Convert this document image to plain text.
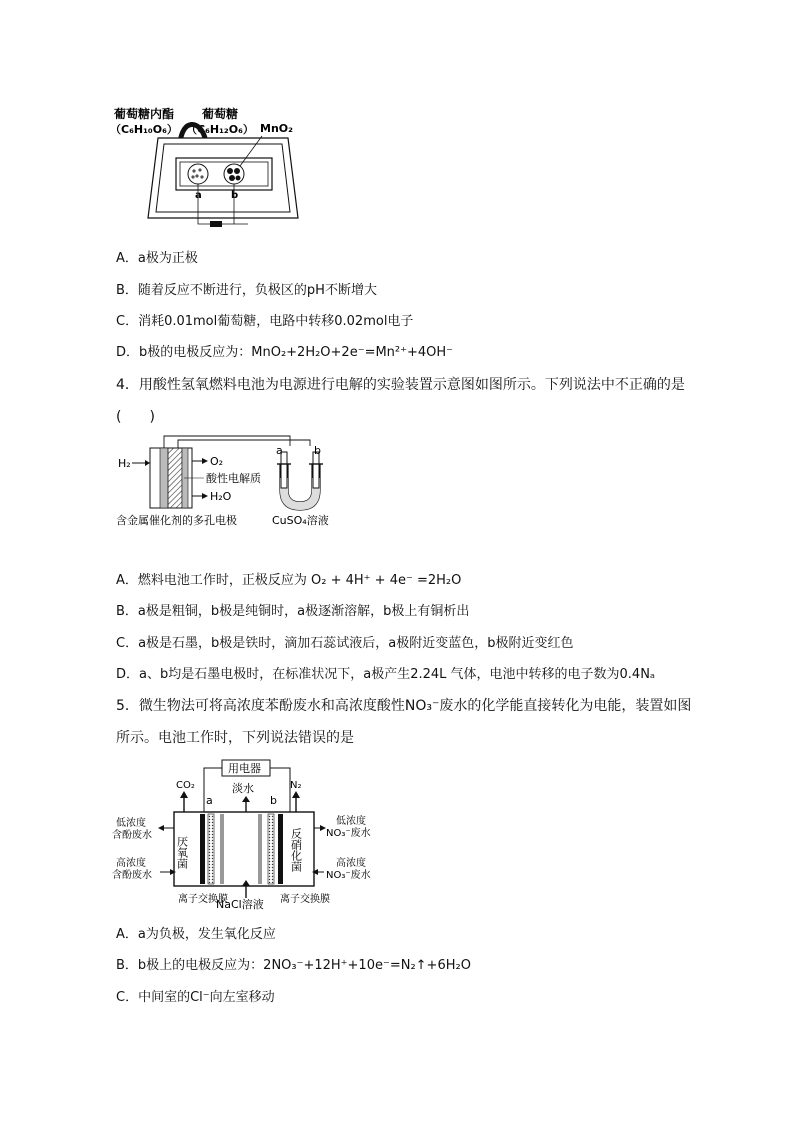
葡萄糖内酯
（C₆H₁₀O₆）
葡萄糖
（C₆H₁₂O₆） MnO₂
a	b
A．a极为正极
B．随着反应不断进行，负极区的pH不断增大
C．消耗0.01mol葡萄糖，电路中转移0.02mol电子
D．b极的电极反应为：MnO₂+2H₂O+2e⁻=Mn²⁺+4OH⁻
4．用酸性氢氧燃料电池为电源进行电解的实验装置示意图如图所示。下列说法中不正确的是
(　　)
H₂	O₂
酸性电解质
H₂O
含金属催化剂的多孔电极
a	b
CuSO₄溶液
A．燃料电池工作时，正极反应为 O₂ + 4H⁺ + 4e⁻ =2H₂O
B．a极是粗铜，b极是纯铜时，a极逐渐溶解，b极上有铜析出
C．a极是石墨，b极是铁时，滴加石蕊试液后，a极附近变蓝色，b极附近变红色
D．a、b均是石墨电极时，在标准状况下，a极产生2.24L 气体，电池中转移的电子数为0.4Nₐ
5．微生物法可将高浓度苯酚废水和高浓度酸性NO₃⁻废水的化学能直接转化为电能，装置如图
所示。电池工作时，下列说法错误的是
用电器
CO₂
a
淡水
b
N₂
厌氧菌	反硝化菌
低浓度
含酚废水
高浓度
含酚废水
低浓度
NO₃⁻废水
高浓度
NO₃⁻废水
离子交换膜
NaCl溶液 离子交换膜
A．a为负极，发生氧化反应
B．b极上的电极反应为：2NO₃⁻+12H⁺+10e⁻=N₂↑+6H₂O
C．中间室的Cl⁻向左室移动
